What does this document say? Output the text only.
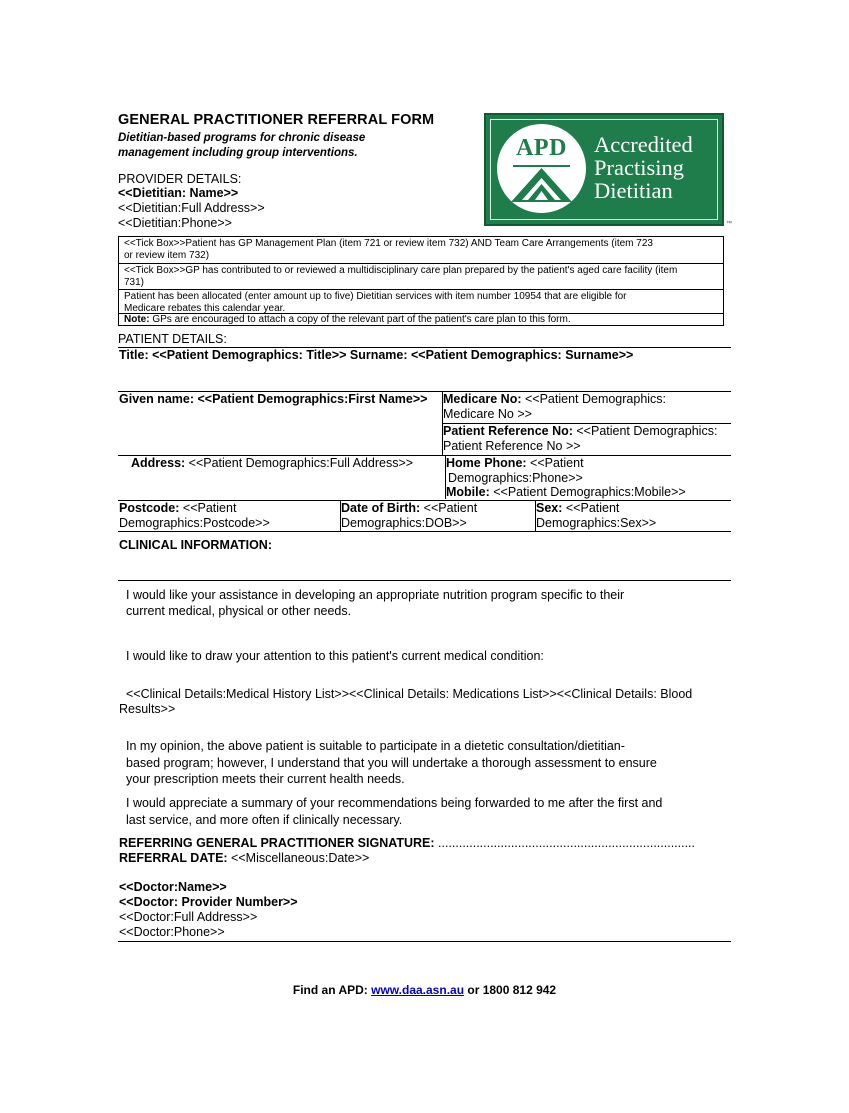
GENERAL PRACTITIONER REFERRAL FORM
Dietitian-based programs for chronic disease
management including group interventions.	APD	Accredited
Practising
Dietitian
™
PROVIDER DETAILS:
<<Dietitian: Name>>
<<Dietitian:Full Address>>
<<Dietitian:Phone>>
<<Tick Box>>Patient has GP Management Plan (item 721 or review item 732) AND Team Care Arrangements (item 723
or review item 732)
<<Tick Box>>GP has contributed to or reviewed a multidisciplinary care plan prepared by the patient's aged care facility (item
731)
Patient has been allocated (enter amount up to five) Dietitian services with item number 10954 that are eligible for
Medicare rebates this calendar year.
Note: GPs are encouraged to attach a copy of the relevant part of the patient's care plan to this form.
PATIENT DETAILS:
Title: <<Patient Demographics: Title>> Surname: <<Patient Demographics: Surname>>
Given name: <<Patient Demographics:First Name>> Medicare No: <<Patient Demographics:
Medicare No >>
Patient Reference No: <<Patient Demographics:
Patient Reference No >>
Address: <<Patient Demographics:Full Address>>	Home Phone: <<Patient
Demographics:Phone>>
Mobile: <<Patient Demographics:Mobile>>
Postcode: <<Patient
Demographics:Postcode>>
Date of Birth: <<Patient
Demographics:DOB>>
Sex: <<Patient
Demographics:Sex>>
CLINICAL INFORMATION:
I would like your assistance in developing an appropriate nutrition program specific to their
current medical, physical or other needs.
I would like to draw your attention to this patient's current medical condition:
<<Clinical Details:Medical History List>><<Clinical Details: Medications List>><<Clinical Details: Blood
Results>>
In my opinion, the above patient is suitable to participate in a dietetic consultation/dietitian-
based program; however, I understand that you will undertake a thorough assessment to ensure
your prescription meets their current health needs.
I would appreciate a summary of your recommendations being forwarded to me after the first and
last service, and more often if clinically necessary.
REFERRING GENERAL PRACTITIONER SIGNATURE: ..........................................................................
REFERRAL DATE: <<Miscellaneous:Date>>
<<Doctor:Name>>
<<Doctor: Provider Number>>
<<Doctor:Full Address>>
<<Doctor:Phone>>
Find an APD: www.daa.asn.au or 1800 812 942
